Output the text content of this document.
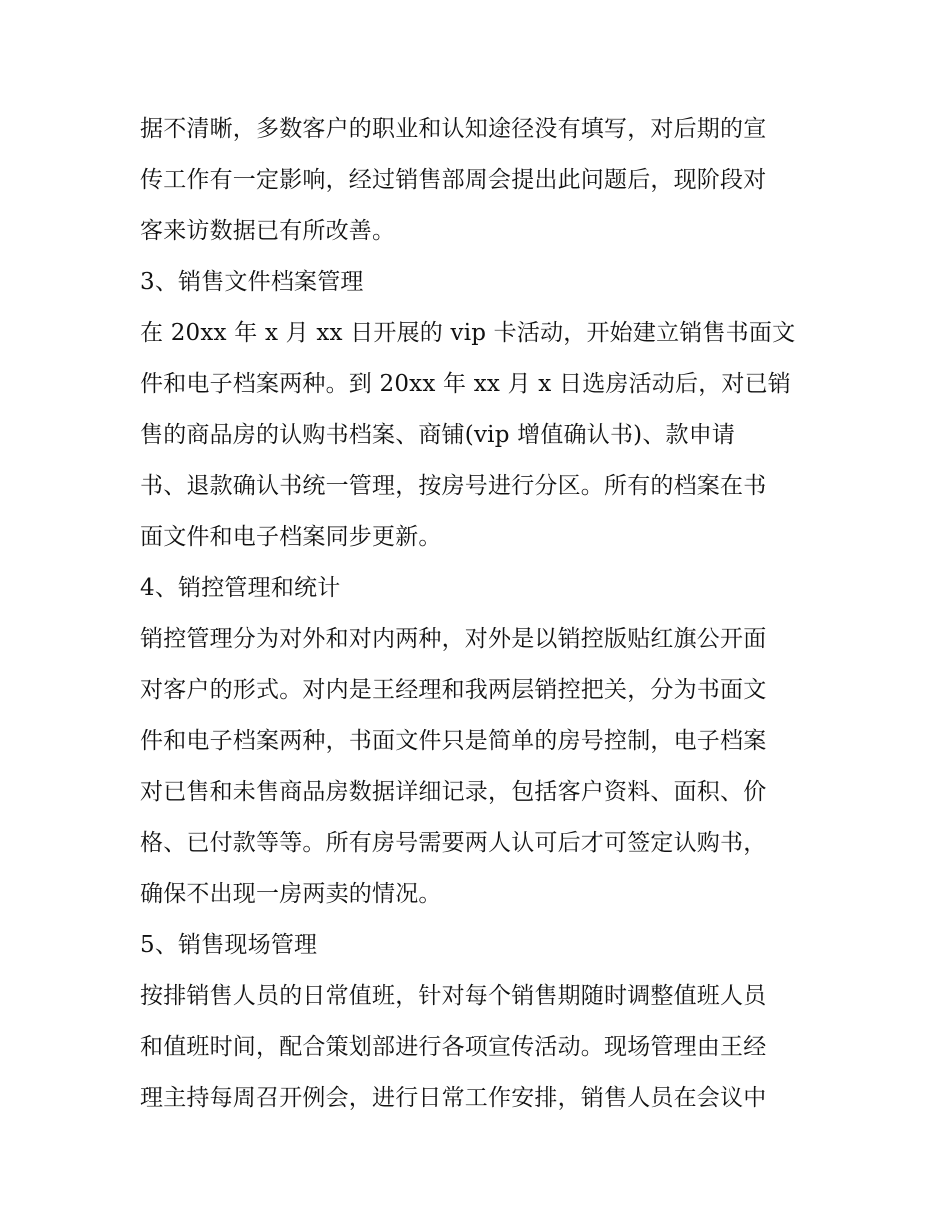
据不清晰，多数客户的职业和认知途径没有填写，对后期的宣
传工作有一定影响，经过销售部周会提出此问题后，现阶段对
客来访数据已有所改善。
3、销售文件档案管理
在 20xx 年 x 月 xx 日开展的 vip 卡活动，开始建立销售书面文
件和电子档案两种。到 20xx 年 xx 月 x 日选房活动后，对已销
售的商品房的认购书档案、商铺(vip 增值确认书)、款申请
书、退款确认书统一管理，按房号进行分区。所有的档案在书
面文件和电子档案同步更新。
4、销控管理和统计
销控管理分为对外和对内两种，对外是以销控版贴红旗公开面
对客户的形式。对内是王经理和我两层销控把关，分为书面文
件和电子档案两种，书面文件只是简单的房号控制，电子档案
对已售和未售商品房数据详细记录，包括客户资料、面积、价
格、已付款等等。所有房号需要两人认可后才可签定认购书，
确保不出现一房两卖的情况。
5、销售现场管理
按排销售人员的日常值班，针对每个销售期随时调整值班人员
和值班时间，配合策划部进行各项宣传活动。现场管理由王经
理主持每周召开例会，进行日常工作安排，销售人员在会议中
